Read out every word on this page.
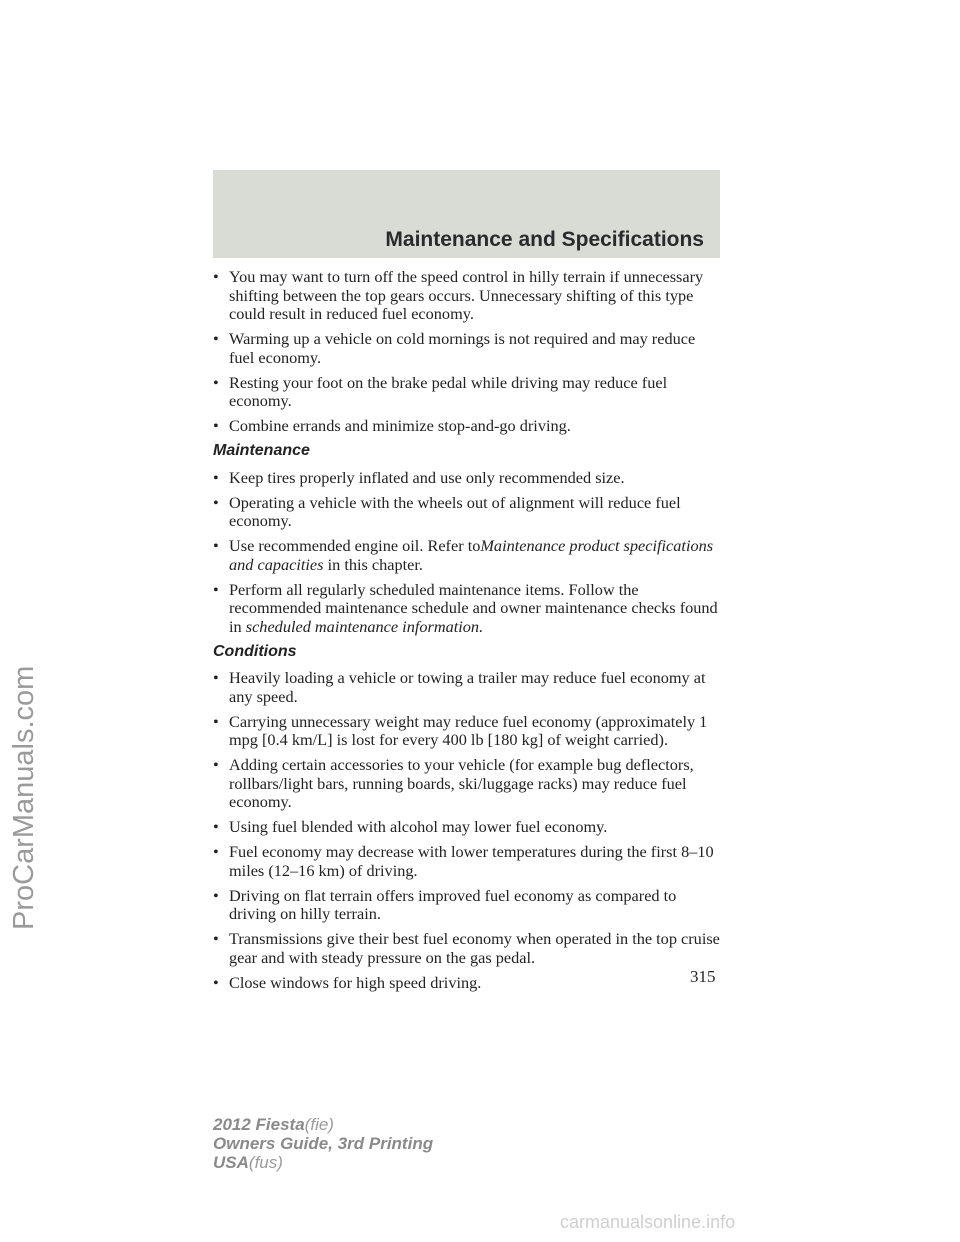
Maintenance and Specifications
ProCarManuals.com
• You may want to turn off the speed control in hilly terrain if unnecessary shifting between the top gears occurs. Unnecessary shifting of this type could result in reduced fuel economy.
• Warming up a vehicle on cold mornings is not required and may reduce fuel economy.
• Resting your foot on the brake pedal while driving may reduce fuel economy.
• Combine errands and minimize stop-and-go driving.
Maintenance
• Keep tires properly inflated and use only recommended size.
• Operating a vehicle with the wheels out of alignment will reduce fuel economy.
• Use recommended engine oil. Refer toMaintenance product specifications and capacities in this chapter.
• Perform all regularly scheduled maintenance items. Follow the recommended maintenance schedule and owner maintenance checks found in scheduled maintenance information.
Conditions
• Heavily loading a vehicle or towing a trailer may reduce fuel economy at any speed.
• Carrying unnecessary weight may reduce fuel economy (approximately 1 mpg [0.4 km/L] is lost for every 400 lb [180 kg] of weight carried).
• Adding certain accessories to your vehicle (for example bug deflectors, rollbars/light bars, running boards, ski/luggage racks) may reduce fuel economy.
• Using fuel blended with alcohol may lower fuel economy.
• Fuel economy may decrease with lower temperatures during the first 8–10 miles (12–16 km) of driving.
• Driving on flat terrain offers improved fuel economy as compared to driving on hilly terrain.
• Transmissions give their best fuel economy when operated in the top cruise gear and with steady pressure on the gas pedal.
• Close windows for high speed driving.	315
2012 Fiesta(fie)
Owners Guide, 3rd Printing
USA(fus)
carmanualsonline.info
